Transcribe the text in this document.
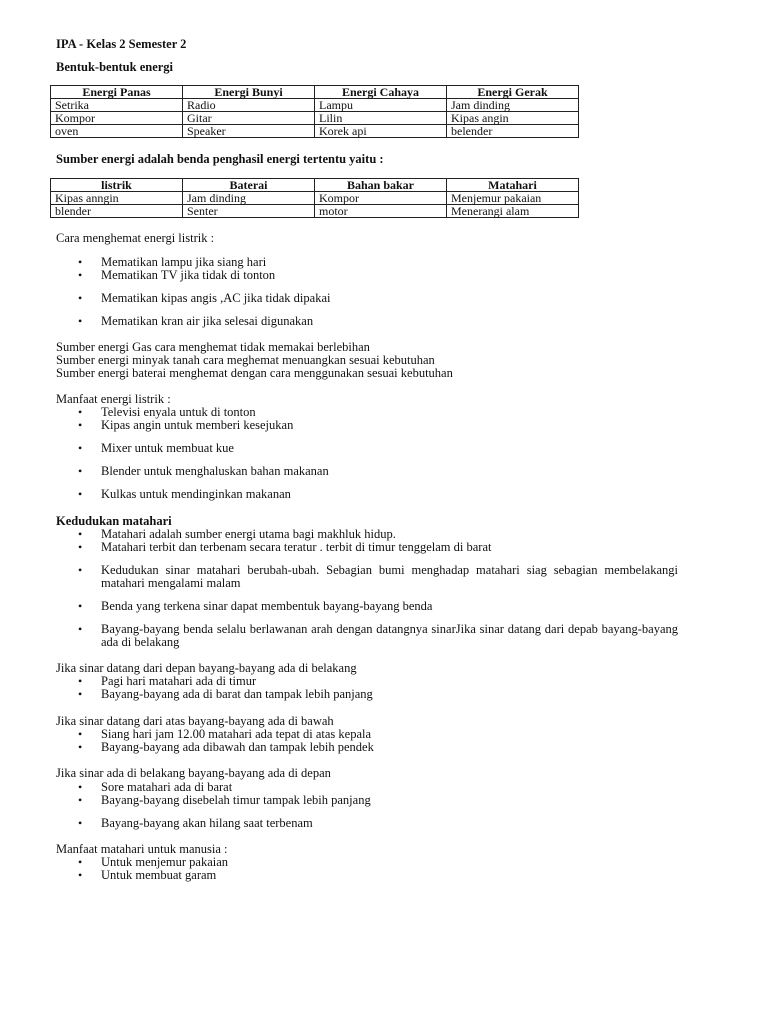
IPA - Kelas 2 Semester 2
Bentuk-bentuk energi
Energi Panas	Energi Bunyi	Energi Cahaya	Energi Gerak
Setrika	Radio	Lampu	Jam dinding
Kompor	Gitar	Lilin	Kipas angin
oven	Speaker	Korek api	belender
Sumber energi adalah benda penghasil energi tertentu yaitu :
listrik	Baterai	Bahan bakar	Matahari
Kipas anngin	Jam dinding	Kompor	Menjemur pakaian
blender	Senter	motor	Menerangi alam
Cara menghemat energi listrik :
• Mematikan lampu jika siang hari
• Mematikan TV jika tidak di tonton
• Mematikan kipas angis ,AC jika tidak dipakai
• Mematikan kran air jika selesai digunakan
Sumber energi Gas cara menghemat tidak memakai berlebihan
Sumber energi minyak tanah cara meghemat menuangkan sesuai kebutuhan
Sumber energi baterai menghemat dengan cara menggunakan sesuai kebutuhan
Manfaat energi listrik :
• Televisi enyala untuk di tonton
• Kipas angin untuk memberi kesejukan
• Mixer untuk membuat kue
• Blender untuk menghaluskan bahan makanan
• Kulkas untuk mendinginkan makanan
Kedudukan matahari
• Matahari adalah sumber energi utama bagi makhluk hidup.
• Matahari terbit dan terbenam secara teratur . terbit di timur tenggelam di barat
• Kedudukan sinar matahari berubah-ubah. Sebagian bumi menghadap matahari siag sebagian membelakangi matahari mengalami malam
• Benda yang terkena sinar dapat membentuk bayang-bayang benda
• Bayang-bayang benda selalu berlawanan arah dengan datangnya sinarJika sinar datang dari depab bayang-bayang ada di belakang
Jika sinar datang dari depan bayang-bayang ada di belakang
• Pagi hari matahari ada di timur
• Bayang-bayang ada di barat dan tampak lebih panjang
Jika sinar datang dari atas bayang-bayang ada di bawah
• Siang hari jam 12.00 matahari ada tepat di atas kepala
• Bayang-bayang ada dibawah dan tampak lebih pendek
Jika sinar ada di belakang bayang-bayang ada di depan
• Sore matahari ada di barat
• Bayang-bayang disebelah timur tampak lebih panjang
• Bayang-bayang akan hilang saat terbenam
Manfaat matahari untuk manusia :
• Untuk menjemur pakaian
• Untuk membuat garam
